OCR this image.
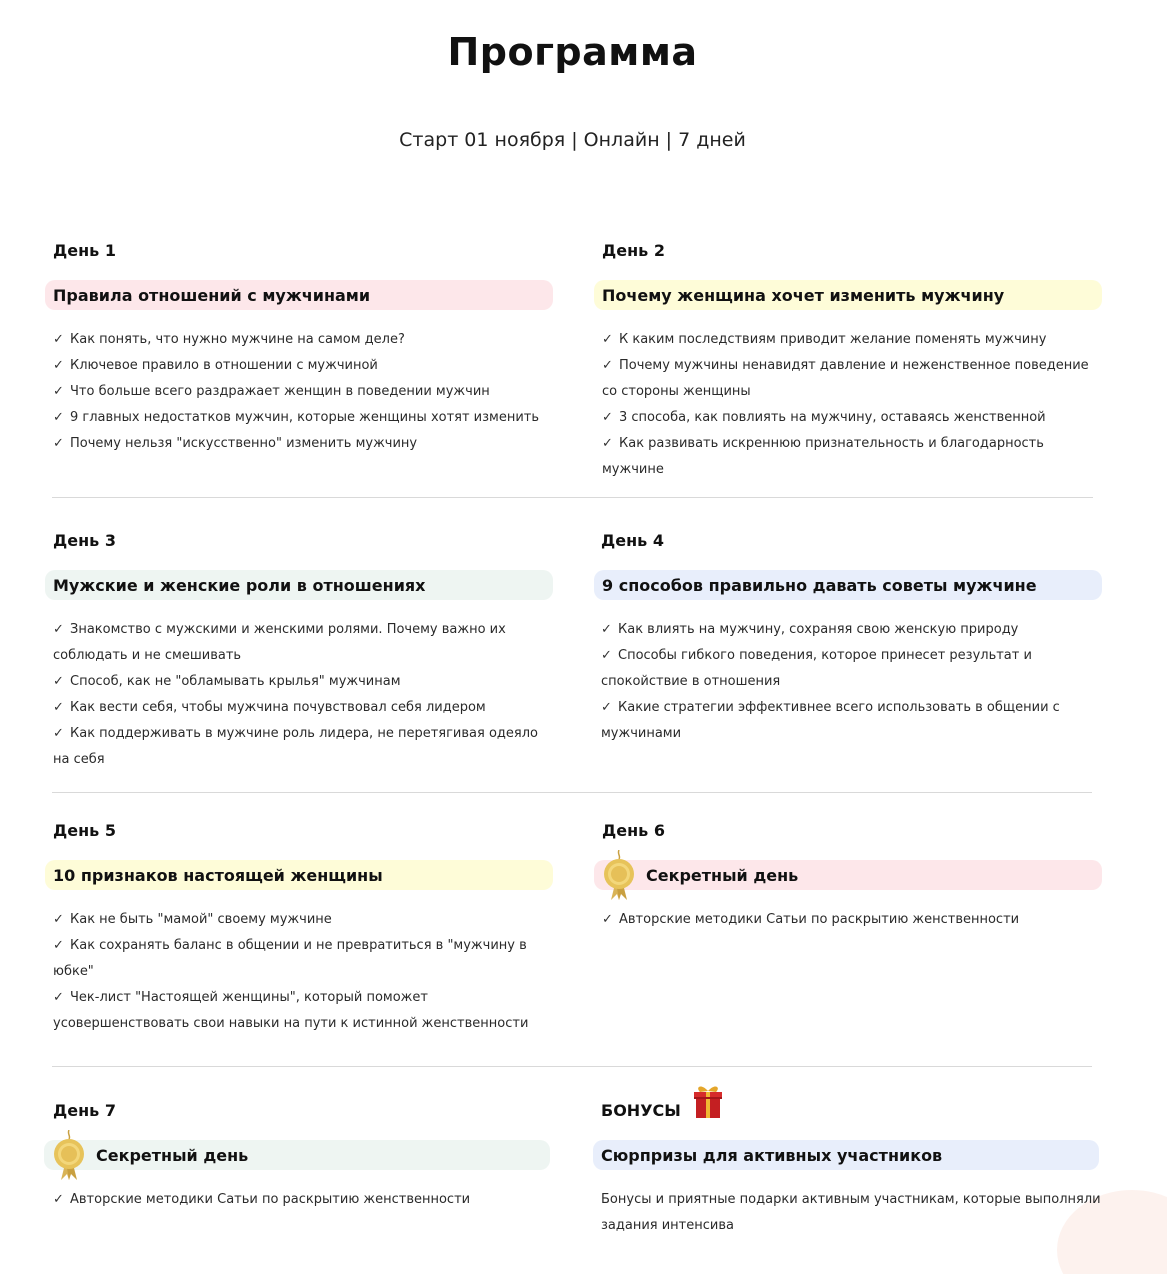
Программа
Старт 01 ноября | Онлайн | 7 дней
День 1
Правила отношений с мужчинами
✓ Как понять, что нужно мужчине на самом деле?
✓ Ключевое правило в отношении с мужчиной
✓ Что больше всего раздражает женщин в поведении мужчин
✓ 9 главных недостатков мужчин, которые женщины хотят изменить
✓ Почему нельзя "искусственно" изменить мужчину
День 2
Почему женщина хочет изменить мужчину
✓ К каким последствиям приводит желание поменять мужчину
✓ Почему мужчины ненавидят давление и неженственное поведение со стороны женщины
✓ 3 способа, как повлиять на мужчину, оставаясь женственной
✓ Как развивать искреннюю признательность и благодарность мужчине
День 3
Мужские и женские роли в отношениях
✓ Знакомство с мужскими и женскими ролями. Почему важно их соблюдать и не смешивать
✓ Способ, как не "обламывать крылья" мужчинам
✓ Как вести себя, чтобы мужчина почувствовал себя лидером
✓ Как поддерживать в мужчине роль лидера, не перетягивая одеяло на себя
День 4
9 способов правильно давать советы мужчине
✓ Как влиять на мужчину, сохраняя свою женскую природу
✓ Способы гибкого поведения, которое принесет результат и спокойствие в отношения
✓ Какие стратегии эффективнее всего использовать в общении с мужчинами
День 5
10 признаков настоящей женщины
✓ Как не быть "мамой" своему мужчине
✓ Как сохранять баланс в общении и не превратиться в "мужчину в юбке"
✓ Чек-лист "Настоящей женщины", который поможет усовершенствовать свои навыки на пути к истинной женственности
День 6
Секретный день
✓ Авторские методики Сатьи по раскрытию женственности
День 7
Секретный день
✓ Авторские методики Сатьи по раскрытию женственности
БОНУСЫ
Сюрпризы для активных участников
Бонусы и приятные подарки активным участникам, которые выполняли задания интенсива
